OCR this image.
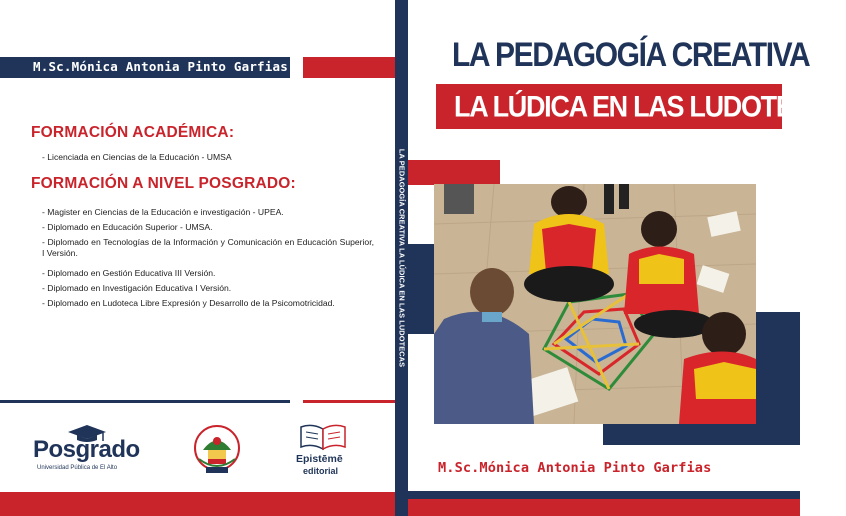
M.Sc.Mónica Antonia Pinto Garfias
FORMACIÓN ACADÉMICA:
- Licenciada en Ciencias de la Educación - UMSA
FORMACIÓN A NIVEL POSGRADO:
- Magister en Ciencias de la Educación e investigación - UPEA.
- Diplomado en Educación Superior - UMSA.
- Diplomado en Tecnologías de la Información y Comunicación en Educación Superior, I Versión.
- Diplomado en Gestión Educativa III Versión.
- Diplomado en Investigación Educativa I Versión.
- Diplomado en Ludoteca Libre Expresión y Desarrollo de la Psicomotricidad.
Posgrado
Universidad Pública de El Alto
Epistēmē
editorial
LA PEDAGOGÍA CREATIVA LA LÚDICA EN LAS LUDOTECAS
LA PEDAGOGÍA CREATIVA
LA LÚDICA EN LAS LUDOTECAS
M.Sc.Mónica Antonia Pinto Garfias
